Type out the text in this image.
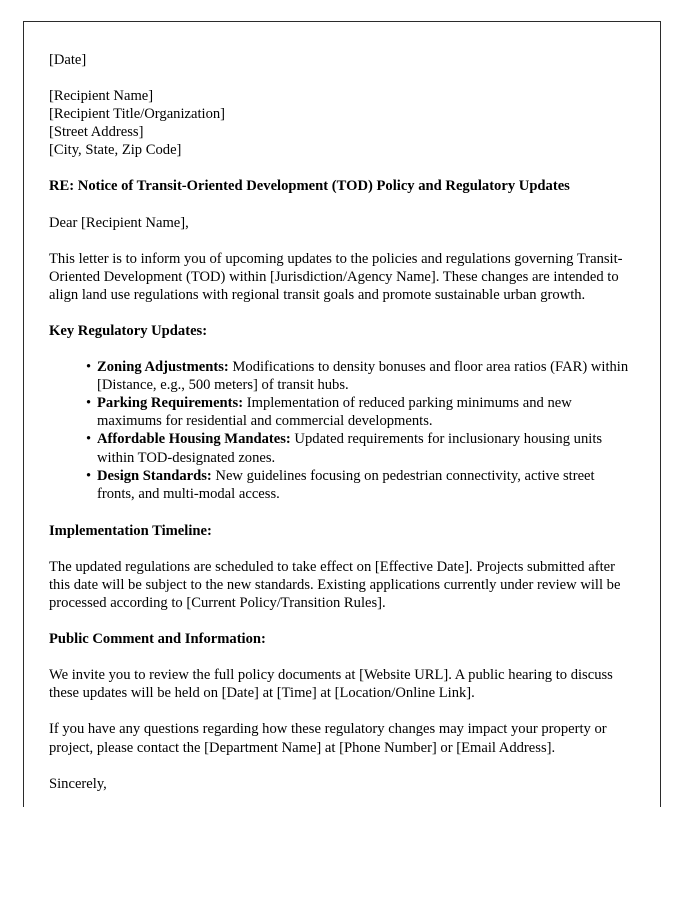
[Date]

[Recipient Name]
[Recipient Title/Organization]
[Street Address]
[City, State, Zip Code]

RE: Notice of Transit-Oriented Development (TOD) Policy and Regulatory Updates

Dear [Recipient Name],

This letter is to inform you of upcoming updates to the policies and regulations governing Transit-Oriented Development (TOD) within [Jurisdiction/Agency Name]. These changes are intended to align land use regulations with regional transit goals and promote sustainable urban growth.

Key Regulatory Updates:

• Zoning Adjustments: Modifications to density bonuses and floor area ratios (FAR) within [Distance, e.g., 500 meters] of transit hubs.
• Parking Requirements: Implementation of reduced parking minimums and new maximums for residential and commercial developments.
• Affordable Housing Mandates: Updated requirements for inclusionary housing units within TOD-designated zones.
• Design Standards: New guidelines focusing on pedestrian connectivity, active street fronts, and multi-modal access.

Implementation Timeline:

The updated regulations are scheduled to take effect on [Effective Date]. Projects submitted after this date will be subject to the new standards. Existing applications currently under review will be processed according to [Current Policy/Transition Rules].

Public Comment and Information:

We invite you to review the full policy documents at [Website URL]. A public hearing to discuss these updates will be held on [Date] at [Time] at [Location/Online Link].

If you have any questions regarding how these regulatory changes may impact your property or project, please contact the [Department Name] at [Phone Number] or [Email Address].

Sincerely,
